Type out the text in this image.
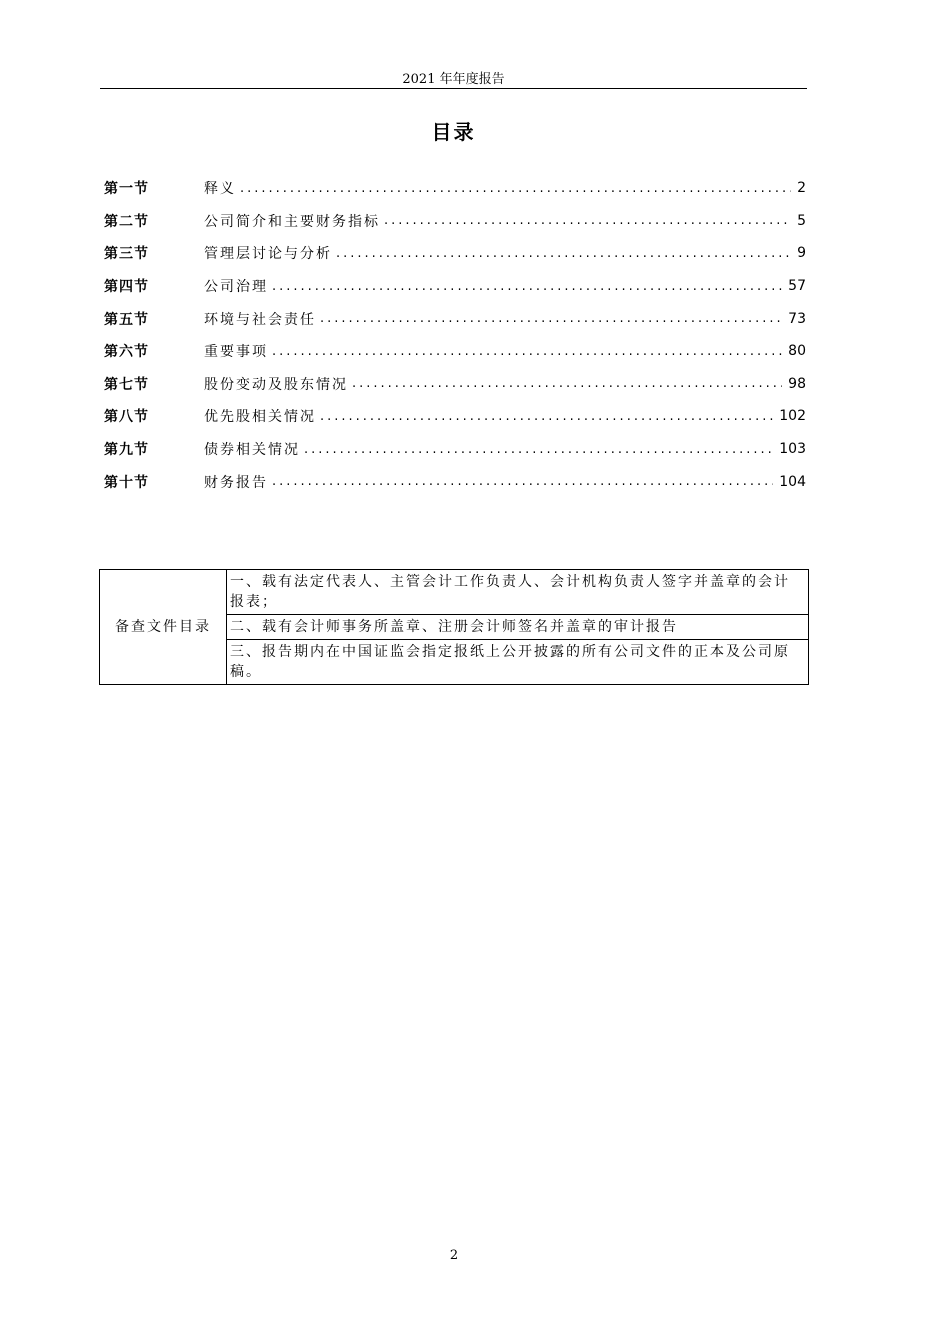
2021 年年度报告
目录
第一节	释义 .....	2
第二节	公司简介和主要财务指标 .....	5
第三节	管理层讨论与分析 .....	9
第四节	公司治理 .....	57
第五节	环境与社会责任 .....	73
第六节	重要事项 .....	80
第七节	股份变动及股东情况 .....	98
第八节	优先股相关情况 .....	102
第九节	债券相关情况 .....	103
第十节	财务报告 .....	104
备查文件目录	一、载有法定代表人、主管会计工作负责人、会计机构负责人签字并盖章的会计报表；
二、载有会计师事务所盖章、注册会计师签名并盖章的审计报告
三、报告期内在中国证监会指定报纸上公开披露的所有公司文件的正本及公司原稿。
2
